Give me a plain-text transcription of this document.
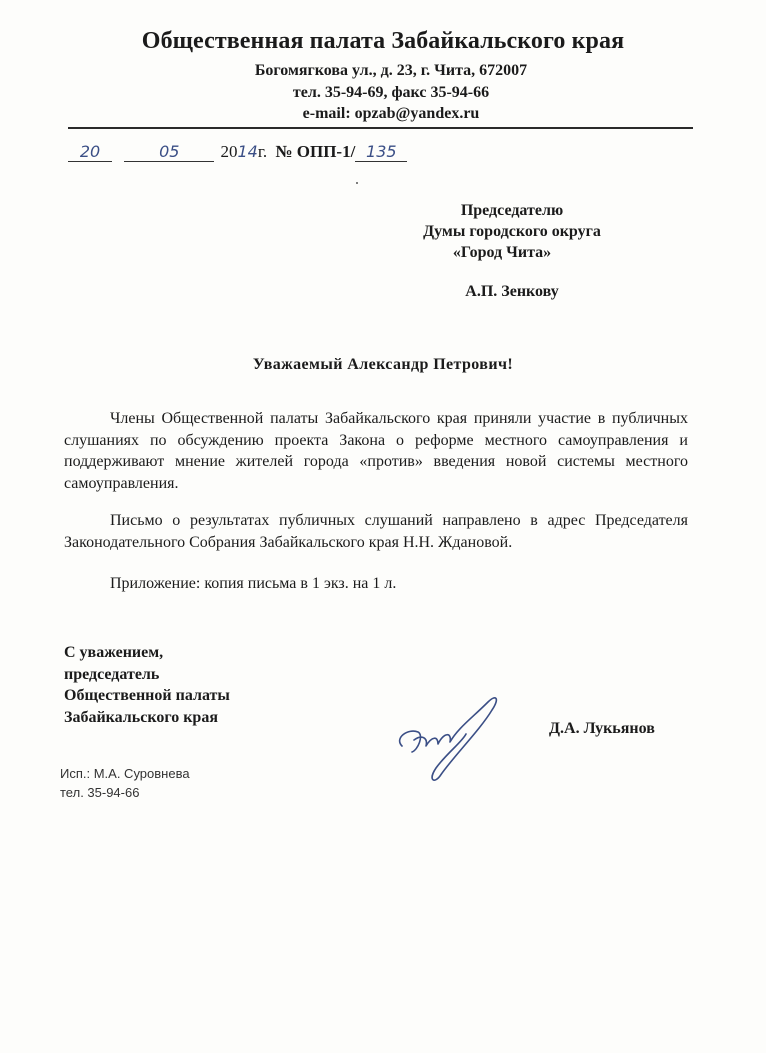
Общественная палата Забайкальского края
Богомягкова ул., д. 23, г. Чита, 672007
тел. 35-94-69, факс 35-94-66
e-mail: opzab@yandex.ru
20	05 2014г. № ОПП-1/ 135
Председателю
Думы городского округа
«Город Чита»
А.П. Зенкову
Уважаемый Александр Петрович!
Члены Общественной палаты Забайкальского края приняли участие в публичных слушаниях по обсуждению проекта Закона о реформе местного самоуправления и поддерживают мнение жителей города «против» введения новой системы местного самоуправления.
Письмо о результатах публичных слушаний направлено в адрес Председателя Законодательного Собрания Забайкальского края Н.Н. Ждановой.
Приложение: копия письма в 1 экз. на 1 л.
С уважением,
председатель
Общественной палаты
Забайкальского края
Д.А. Лукьянов
Исп.: М.А. Суровнева
тел. 35-94-66
